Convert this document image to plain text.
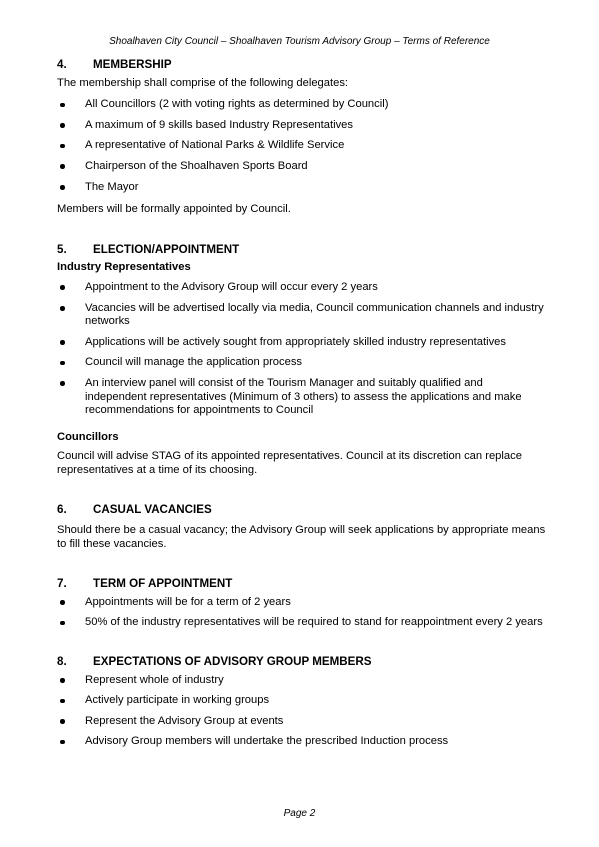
Shoalhaven City Council – Shoalhaven Tourism Advisory Group – Terms of Reference
4.	MEMBERSHIP

The membership shall comprise of the following delegates:

All Councillors (2 with voting rights as determined by Council)
A maximum of 9 skills based Industry Representatives
A representative of National Parks & Wildlife Service
Chairperson of the Shoalhaven Sports Board
The Mayor

Members will be formally appointed by Council.

5.	ELECTION/APPOINTMENT
Industry Representatives
Appointment to the Advisory Group will occur every 2 years
Vacancies will be advertised locally via media, Council communication channels and industry networks
Applications will be actively sought from appropriately skilled industry representatives
Council will manage the application process
An interview panel will consist of the Tourism Manager and suitably qualified and independent representatives (Minimum of 3 others) to assess the applications and make recommendations for appointments to Council
Councillors

Council will advise STAG of its appointed representatives. Council at its discretion can replace representatives at a time of its choosing.

6.	CASUAL VACANCIES

Should there be a casual vacancy; the Advisory Group will seek applications by appropriate means to fill these vacancies.

7.	TERM OF APPOINTMENT
Appointments will be for a term of 2 years
50% of the industry representatives will be required to stand for reappointment every 2 years
8.	EXPECTATIONS OF ADVISORY GROUP MEMBERS
Represent whole of industry
Actively participate in working groups
Represent the Advisory Group at events
Advisory Group members will undertake the prescribed Induction process
Page 2
